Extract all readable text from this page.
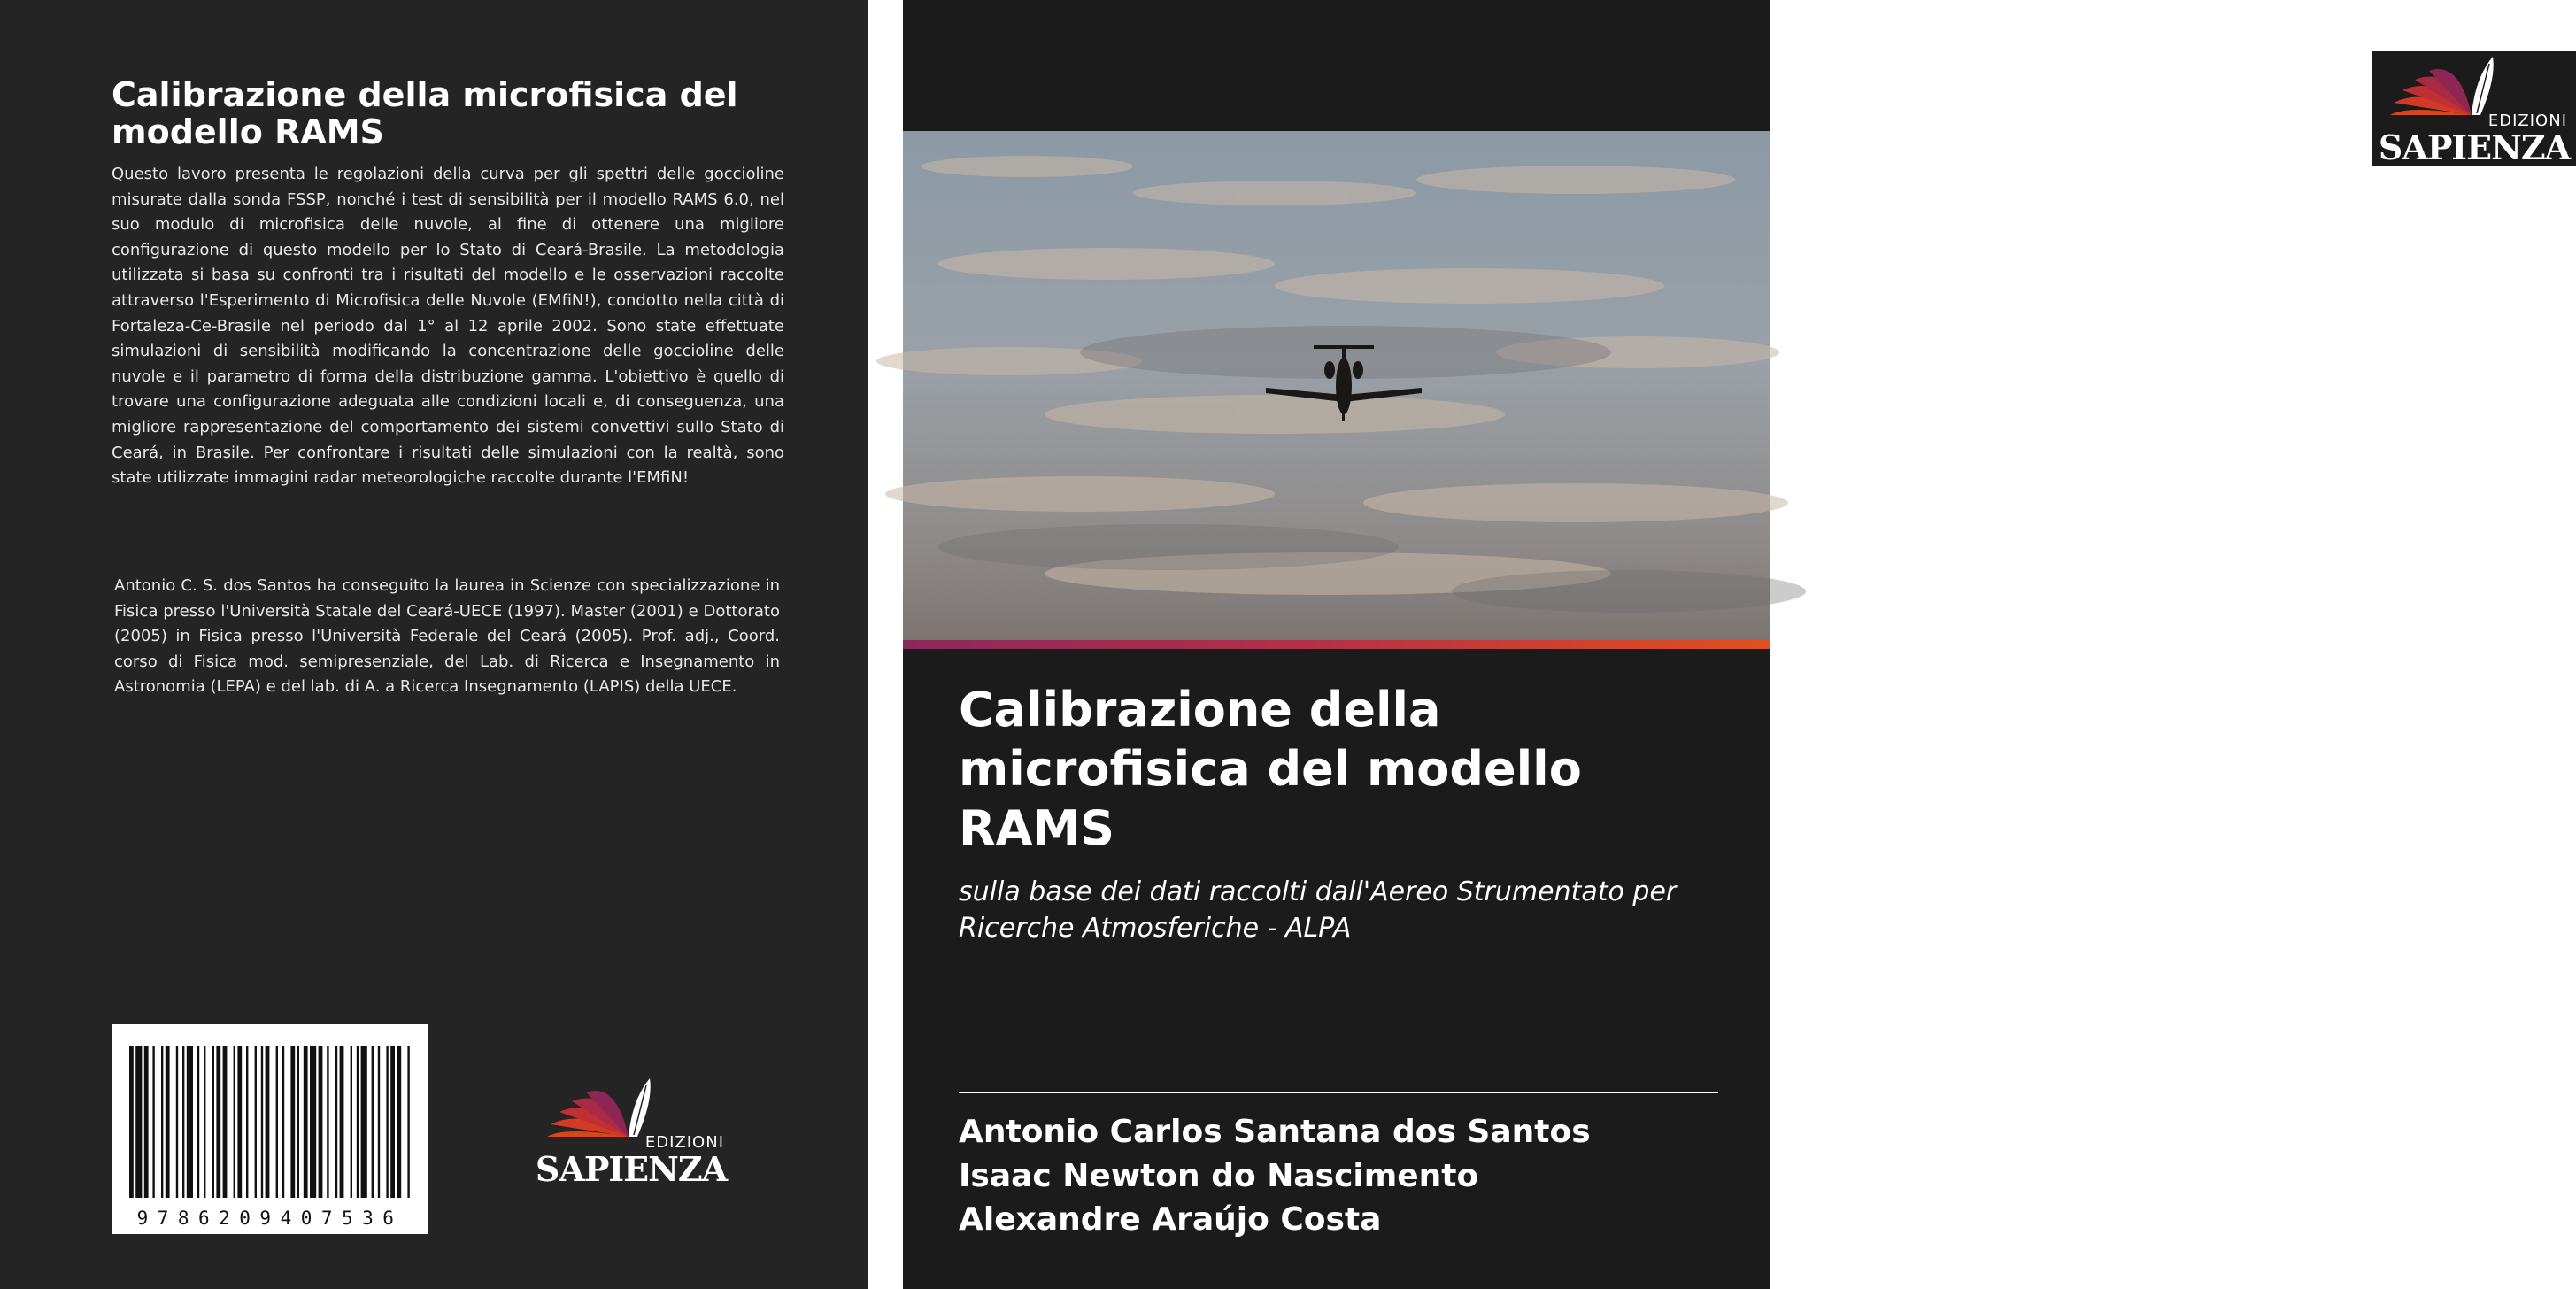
Calibrazione della microfisica del modello RAMS

Questo lavoro presenta le regolazioni della curva per gli spettri delle goccioline misurate dalla sonda FSSP, nonché i test di sensibilità per il modello RAMS 6.0, nel suo modulo di microfisica delle nuvole, al fine di ottenere una migliore configurazione di questo modello per lo Stato di Ceará-Brasile. La metodologia utilizzata si basa su confronti tra i risultati del modello e le osservazioni raccolte attraverso l'Esperimento di Microfisica delle Nuvole (EMfiN!), condotto nella città di Fortaleza-Ce-Brasile nel periodo dal 1° al 12 aprile 2002. Sono state effettuate simulazioni di sensibilità modificando la concentrazione delle goccioline delle nuvole e il parametro di forma della distribuzione gamma. L'obiettivo è quello di trovare una configurazione adeguata alle condizioni locali e, di conseguenza, una migliore rappresentazione del comportamento dei sistemi convettivi sullo Stato di Ceará, in Brasile. Per confrontare i risultati delle simulazioni con la realtà, sono state utilizzate immagini radar meteorologiche raccolte durante l'EMfiN!

Antonio C. S. dos Santos ha conseguito la laurea in Scienze con specializzazione in Fisica presso l'Università Statale del Ceará-UECE (1997). Master (2001) e Dottorato (2005) in Fisica presso l'Università Federale del Ceará (2005). Prof. adj., Coord. corso di Fisica mod. semipresenziale, del Lab. di Ricerca e Insegnamento in Astronomia (LEPA) e del lab. di A. a Ricerca Insegnamento (LAPIS) della UECE.

9786209407536
EDIZIONI
SAPIENZA
EDIZIONI
SAPIENZA
Calibrazione della microfisica del modello RAMS

sulla base dei dati raccolti dall'Aereo Strumentato per Ricerche Atmosferiche - ALPA

Antonio Carlos Santana dos Santos
Isaac Newton do Nascimento
Alexandre Araújo Costa
